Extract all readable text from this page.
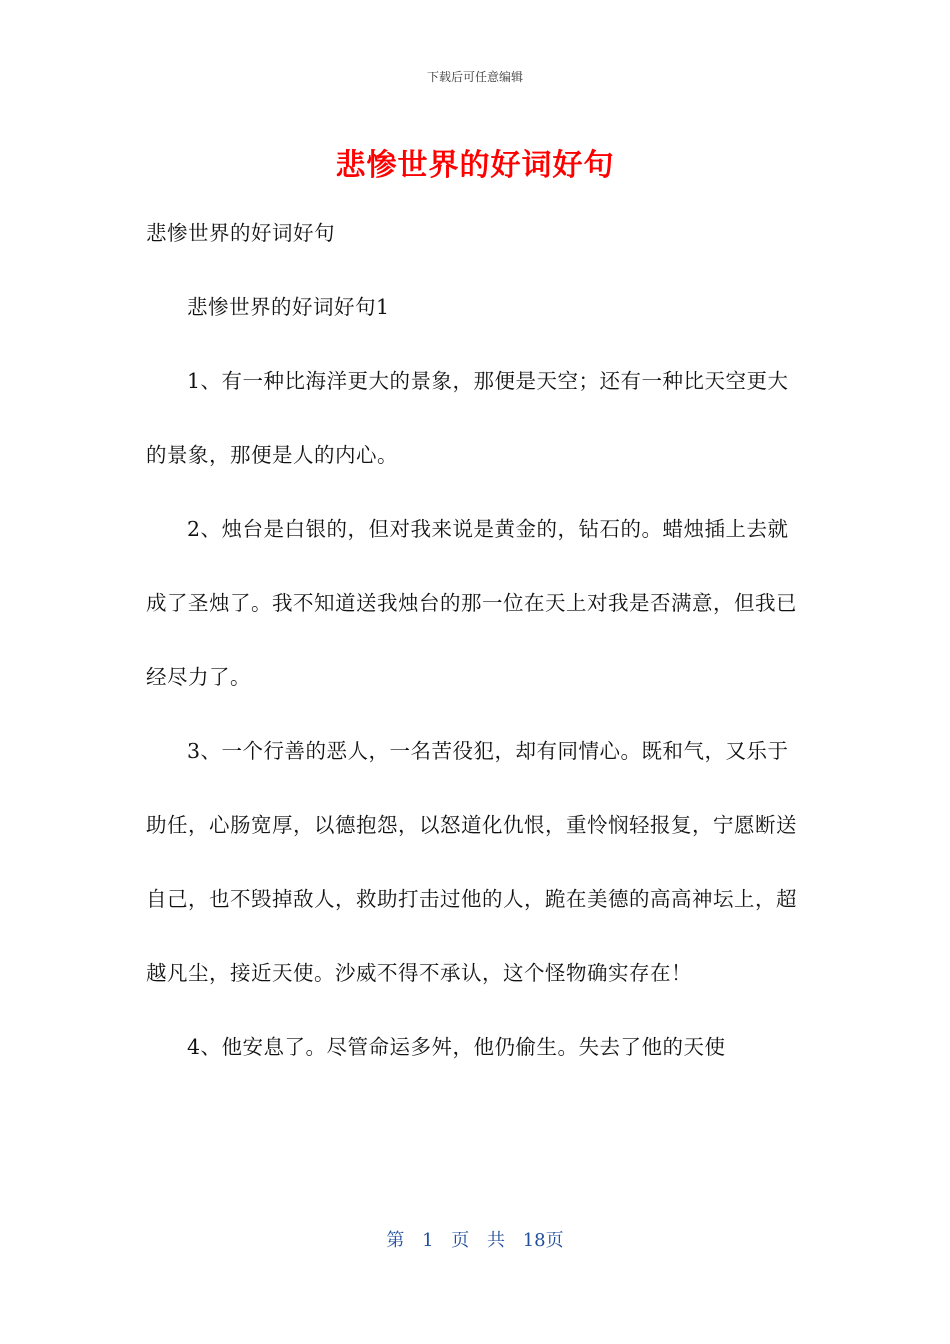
下载后可任意编辑
悲惨世界的好词好句

悲惨世界的好词好句

悲惨世界的好词好句1

1、有一种比海洋更大的景象，那便是天空；还有一种比天空更大的景象，那便是人的内心。

2、烛台是白银的，但对我来说是黄金的，钻石的。蜡烛插上去就成了圣烛了。我不知道送我烛台的那一位在天上对我是否满意，但我已经尽力了。

3、一个行善的恶人，一名苦役犯，却有同情心。既和气，又乐于助任，心肠宽厚，以德抱怨，以怒道化仇恨，重怜悯轻报复，宁愿断送自己，也不毁掉敌人，救助打击过他的人，跪在美德的高高神坛上，超越凡尘，接近天使。沙威不得不承认，这个怪物确实存在！

4、他安息了。尽管命运多舛，他仍偷生。失去了他的天使

第 1 页 共 18页
